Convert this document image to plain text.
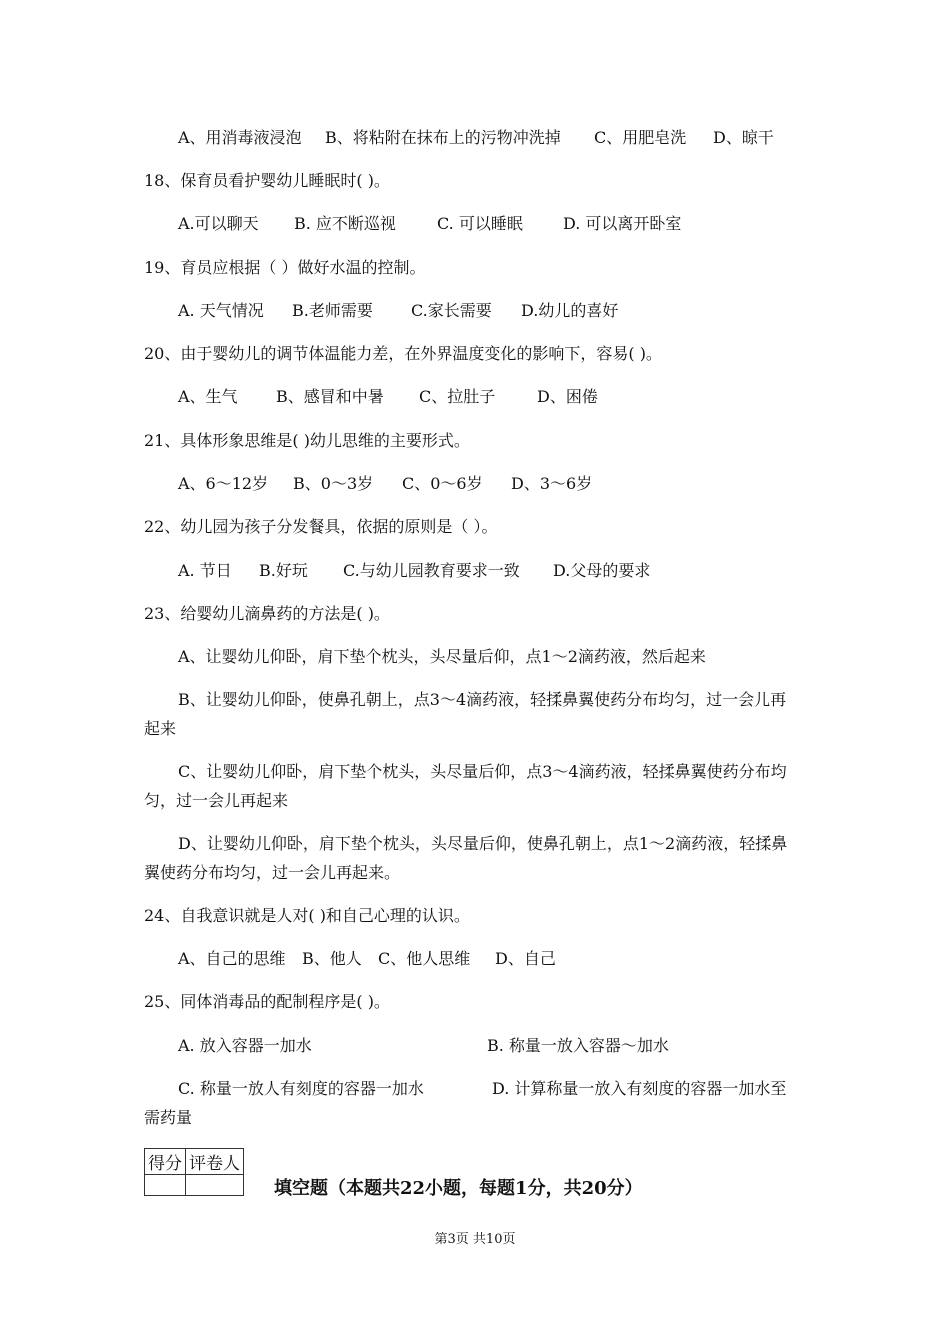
A、用消毒液浸泡 B、将粘附在抹布上的污物冲洗掉 C、用肥皂洗 D、晾干
18、保育员看护婴幼儿睡眠时( )。
A.可以聊天 B. 应不断巡视	C. 可以睡眠	D. 可以离开卧室
19、育员应根据（ ）做好水温的控制。
A. 天气情况 B.老师需要 C.家长需要 D.幼儿的喜好
20、由于婴幼儿的调节体温能力差，在外界温度变化的影响下，容易( )。
A、生气 B、感冒和中暑 C、拉肚子	D、困倦
21、具体形象思维是( )幼儿思维的主要形式。
A、6～12岁 B、0～3岁 C、0～6岁 D、3～6岁
22、幼儿园为孩子分发餐具，依据的原则是（ ）。
A. 节日 B.好玩 C.与幼儿园教育要求一致 D.父母的要求
23、给婴幼儿滴鼻药的方法是( )。
A、让婴幼儿仰卧，肩下垫个枕头，头尽量后仰，点1～2滴药液，然后起来
B、让婴幼儿仰卧，使鼻孔朝上，点3～4滴药液，轻揉鼻翼使药分布均匀，过一会儿再
起来
C、让婴幼儿仰卧，肩下垫个枕头，头尽量后仰，点3～4滴药液，轻揉鼻翼使药分布均
匀，过一会儿再起来
D、让婴幼儿仰卧，肩下垫个枕头，头尽量后仰，使鼻孔朝上，点1～2滴药液，轻揉鼻
翼使药分布均匀，过一会儿再起来。
24、自我意识就是人对( )和自己心理的认识。
A、自己的思维 B、他人 C、他人思维 D、自己
25、同体消毒品的配制程序是( )。
A. 放入容器一加水	B. 称量一放入容器～加水
C. 称量一放人有刻度的容器一加水	D. 计算称量一放入有刻度的容器一加水至
需药量
得分	评卷人

填空题（本题共22小题，每题1分，共20分）
第3页 共10页
